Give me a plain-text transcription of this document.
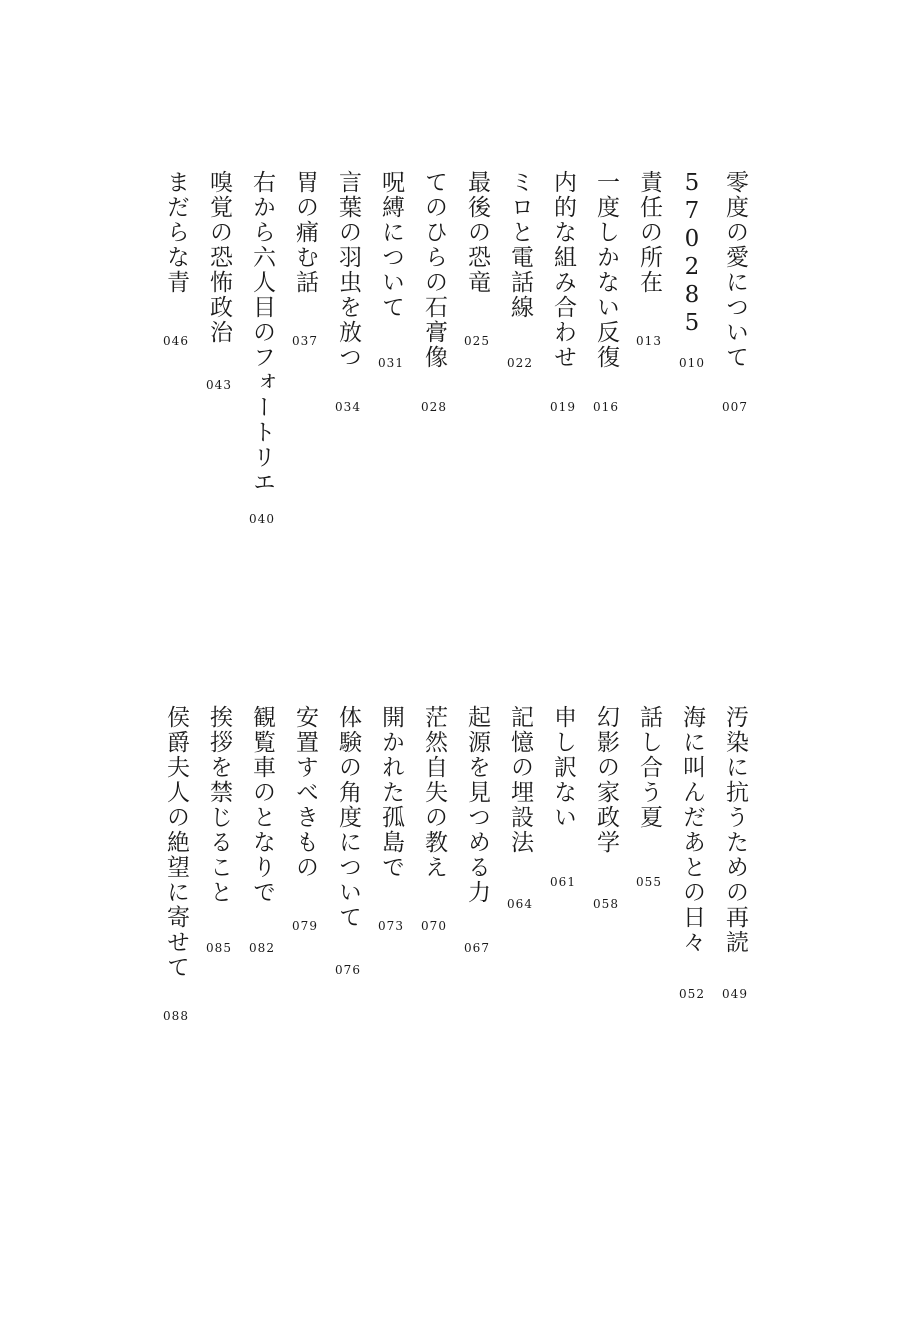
零度の愛について
007
570285
010
責任の所在
013
一度しかない反復
016
内的な組み合わせ
019
ミロと電話線
022
最後の恐竜
025
てのひらの石膏像
028
呪縛について
031
言葉の羽虫を放つ
034
胃の痛む話
037
右から六人目のフォートリエ
040
嗅覚の恐怖政治
043
まだらな青
046
汚染に抗うための再読
049
海に叫んだあとの日々
052
話し合う夏
055
幻影の家政学
058
申し訳ない
061
記憶の埋設法
064
起源を見つめる力
067
茫然自失の教え
070
開かれた孤島で
073
体験の角度について
076
安置すべきもの
079
観覧車のとなりで
082
挨拶を禁じること
085
侯爵夫人の絶望に寄せて
088
